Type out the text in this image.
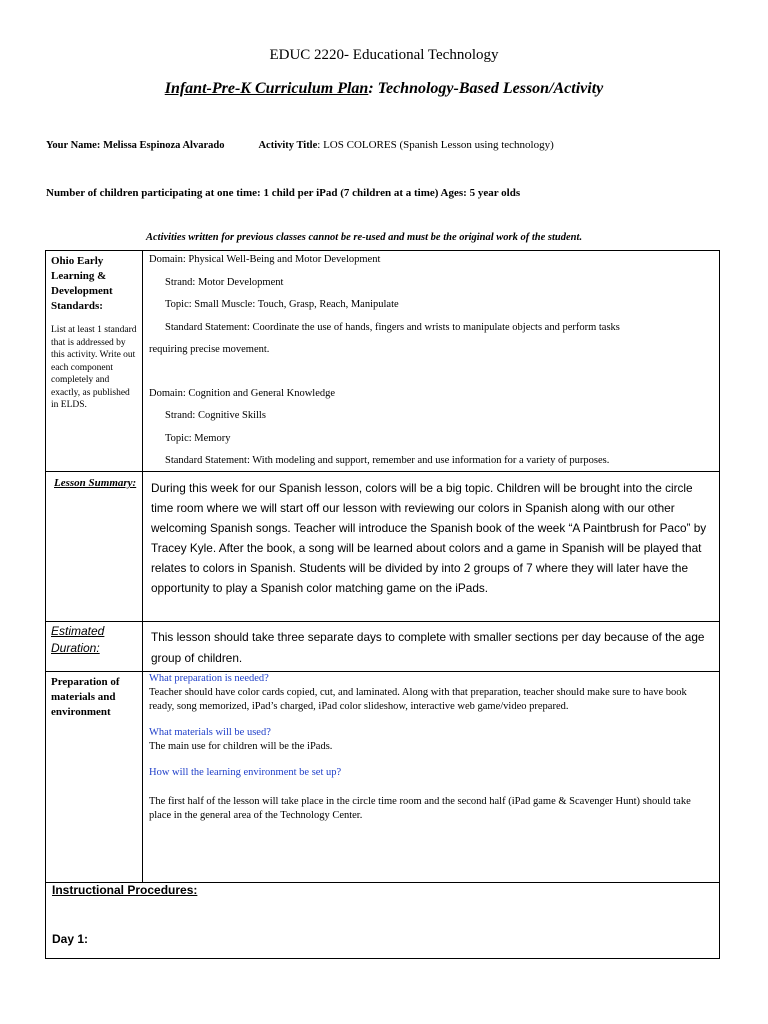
EDUC 2220- Educational Technology
Infant-Pre-K Curriculum Plan: Technology-Based Lesson/Activity
Your Name: Melissa Espinoza Alvarado	Activity Title: LOS COLORES (Spanish Lesson using technology)
Number of children participating at one time: 1 child per iPad (7 children at a time) Ages: 5 year olds
Activities written for previous classes cannot be re-used and must be the original work of the student.
Ohio Early Learning & Development Standards:
List at least 1 standard that is addressed by this activity. Write out each component completely and exactly, as published in ELDS.
Domain: Physical Well-Being and Motor Development
Strand: Motor Development
Topic: Small Muscle: Touch, Grasp, Reach, Manipulate
Standard Statement: Coordinate the use of hands, fingers and wrists to manipulate objects and perform tasks
requiring precise movement.
Domain: Cognition and General Knowledge
Strand: Cognitive Skills
Topic: Memory
Standard Statement: With modeling and support, remember and use information for a variety of purposes.
Lesson Summary:	During this week for our Spanish lesson, colors will be a big topic. Children will be brought into the circle time room where we will start off our lesson with reviewing our colors in Spanish along with our other welcoming Spanish songs. Teacher will introduce the Spanish book of the week “A Paintbrush for Paco” by Tracey Kyle. After the book, a song will be learned about colors and a game in Spanish will be played that relates to colors in Spanish. Students will be divided by into 2 groups of 7 where they will later have the opportunity to play a Spanish color matching game on the iPads.
Estimated Duration:
This lesson should take three separate days to complete with smaller sections per day because of the age group of children.
Preparation of materials and environment

What preparation is needed?

Teacher should have color cards copied, cut, and laminated. Along with that preparation, teacher should make sure to have book ready, song memorized, iPad’s charged, iPad color slideshow, interactive web game/video prepared.

What materials will be used?

The main use for children will be the iPads.

How will the learning environment be set up?

The first half of the lesson will take place in the circle time room and the second half (iPad game & Scavenger Hunt) should take place in the general area of the Technology Center.

Instructional Procedures:
Day 1:
